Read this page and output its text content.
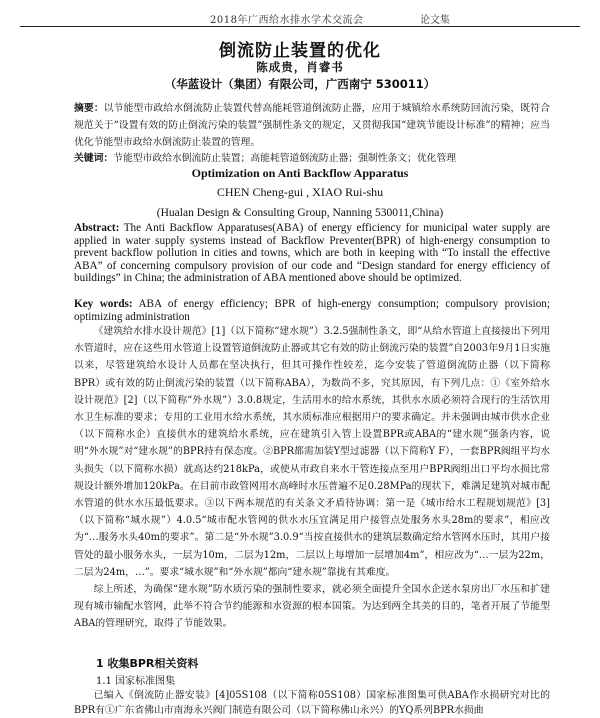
2018年广西给水排水学术交流会	论文集
倒流防止装置的优化
陈成贵，肖睿书
（华蓝设计（集团）有限公司，广西南宁 530011）
摘要：以节能型市政给水倒流防止装置代替高能耗管道倒流防止器，应用于城镇给水系统防回流污染，既符合规范关于“设置有效的防止倒流污染的装置”强制性条文的规定，又贯彻我国“建筑节能设计标准”的精神；应当优化节能型市政给水倒流防止装置的管理。
关键词：节能型市政给水倒流防止装置；高能耗管道倒流防止器；强制性条文；优化管理
Optimization on Anti Backflow Apparatus
CHEN Cheng-gui , XIAO Rui-shu
(Hualan Design & Consulting Group, Nanning 530011,China)
Abstract: The Anti Backflow Apparatuses(ABA) of energy efficiency for municipal water supply are applied in water supply systems instead of Backflow Preventer(BPR) of high-energy consumption to prevent backflow pollution in cities and towns, which are both in keeping with “To install the effective ABA” of concerning compulsory provision of our code and “Design standard for energy efficiency of buildings” in China; the administration of ABA mentioned above should be optimized.
Key words: ABA of energy efficiency; BPR of high-energy consumption; compulsory provision; optimizing administration

《建筑给水排水设计规范》[1]（以下简称“建水规”）3.2.5强制性条文，即“从给水管道上直接接出下列用水管道时，应在这些用水管道上设置管道倒流防止器或其它有效的防止倒流污染的装置”自2003年9月1日实施以来，尽管建筑给水设计人员都在坚决执行，但其可操作性较差，迄今安装了管道倒流防止器（以下简称BPR）或有效的防止倒流污染的装置（以下简称ABA），为数尚不多，究其原因，有下列几点：①《室外给水设计规范》[2]（以下简称“外水规”）3.0.8规定，生活用水的给水系统，其供水水质必须符合现行的生活饮用水卫生标准的要求；专用的工业用水给水系统，其水质标准应根据用户的要求确定。并未强调由城市供水企业（以下简称水企）直接供水的建筑给水系统，应在建筑引入管上设置BPR或ABA的“建水规”强条内容，说明“外水规”对“建水规”的BPR持有保态度。②BPR都需加装Y型过滤器（以下简称Y F），一套BPR阀组平均水头损失（以下简称水损）就高达约218kPa，或使从市政自来水干管连接点至用户BPR阀组出口平均水损比常规设计额外增加120kPa。在目前市政管网用水高峰时水压普遍不足0.28MPa的现状下，难满足建筑对城市配水管道的供水水压最低要求。③以下两本规范的有关条文矛盾待协调：第一是《城市给水工程规划规范》[3]（以下简称“城水规”）4.0.5“城市配水管网的供水水压宜满足用户接管点处服务水头28m的要求”，相应改为“…服务水头40m的要求”。第二是“外水规”3.0.9“当按直接供水的建筑层数确定给水管网水压时，其用户接管处的最小服务水头，一层为10m，二层为12m，二层以上每增加一层增加4m”，相应改为“…一层为22m，二层为24m，…”。要求“城水规”和“外水规”都向“建水规”靠拢有其难度。

综上所述，为确保“建水规”防水质污染的强制性要求，就必须全面提升全国水企送水泵房出厂水压和扩建现有城市输配水管网，此举不符合节约能源和水资源的根本国策。为达到两全其美的目的，笔者开展了节能型ABA的管理研究，取得了节能效果。

1 收集BPR相关资料
1.1 国家标准图集

已编入《倒流防止器安装》[4]05S108（以下简称05S108）国家标准图集可供ABA作水损研究对比的BPR有①广东省佛山市南海永兴阀门制造有限公司（以下简称佛山永兴）的YQ系列BPR水损曲
